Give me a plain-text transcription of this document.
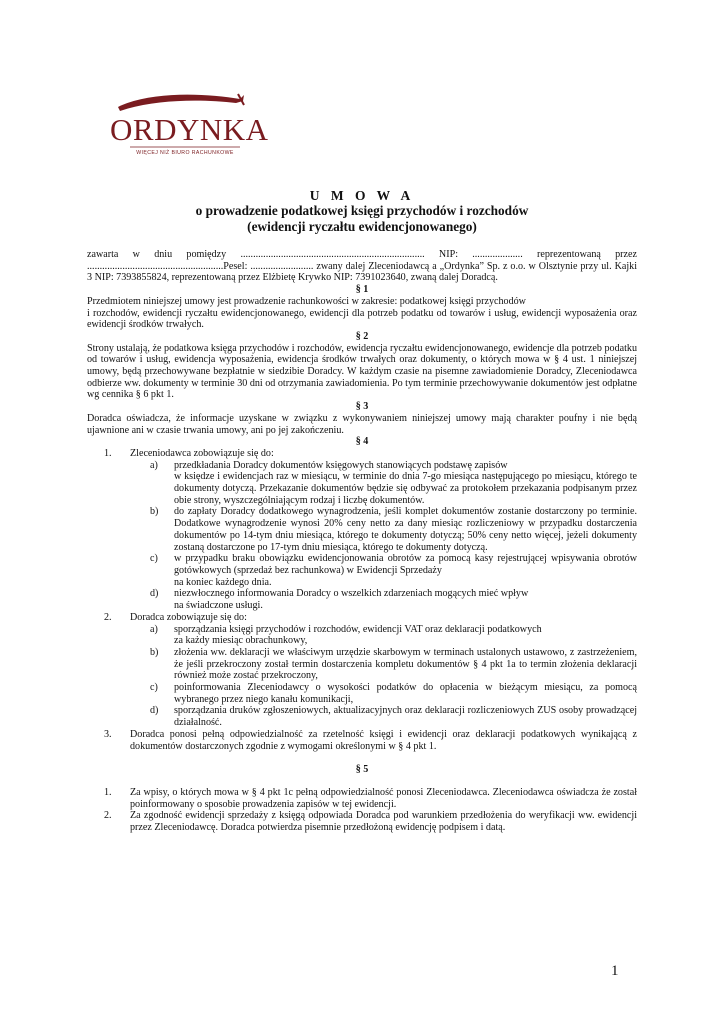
ORDYNKA
WIĘCEJ NIŻ BIURO RACHUNKOWE
U M O W A
o prowadzenie podatkowej księgi przychodów i rozchodów
(ewidencji ryczałtu ewidencjonowanego)

zawarta w dniu pomiędzy ......................................................................... NIP: .................... reprezentowaną przez ......................................................Pesel: ......................... zwany dalej Zleceniodawcą a „Ordynka” Sp. z o.o. w Olsztynie przy ul. Kajki 3 NIP: 7393855824, reprezentowaną przez Elżbietę Krywko NIP: 7391023640, zwaną dalej Doradcą.

§ 1

Przedmiotem niniejszej umowy jest prowadzenie rachunkowości w zakresie: podatkowej księgi przychodów

i rozchodów, ewidencji ryczałtu ewidencjonowanego, ewidencji dla potrzeb podatku od towarów i usług, ewidencji wyposażenia oraz ewidencji środków trwałych.

§ 2

Strony ustalają, że podatkowa księga przychodów i rozchodów, ewidencja ryczałtu ewidencjonowanego, ewidencje dla potrzeb podatku od towarów i usług, ewidencja wyposażenia, ewidencja środków trwałych oraz dokumenty, o których mowa w § 4 ust. 1 niniejszej umowy, będą przechowywane bezpłatnie w siedzibie Doradcy. W każdym czasie na pisemne zawiadomienie Doradcy, Zleceniodawca odbierze ww. dokumenty w terminie 30 dni od otrzymania zawiadomienia. Po tym terminie przechowywanie dokumentów jest odpłatne wg cennika § 6 pkt 1.

§ 3

Doradca oświadcza, że informacje uzyskane w związku z wykonywaniem niniejszej umowy mają charakter poufny i nie będą ujawnione ani w czasie trwania umowy, ani po jej zakończeniu.

§ 4

1. Zleceniodawca zobowiązuje się do:
a) przedkładania Doradcy dokumentów księgowych stanowiących podstawę zapisów
w księdze i ewidencjach raz w miesiącu, w terminie do dnia 7-go miesiąca następującego po miesiącu, którego te dokumenty dotyczą. Przekazanie dokumentów będzie się odbywać za protokołem przekazania podpisanym przez obie strony, wyszczególniającym rodzaj i liczbę dokumentów.
b) do zapłaty Doradcy dodatkowego wynagrodzenia, jeśli komplet dokumentów zostanie dostarczony po terminie. Dodatkowe wynagrodzenie wynosi 20% ceny netto za dany miesiąc rozliczeniowy w przypadku dostarczenia dokumentów po 14-tym dniu miesiąca, którego te dokumenty dotyczą; 50% ceny netto więcej, jeżeli dokumenty zostaną dostarczone po 17-tym dniu miesiąca, którego te dokumenty dotyczą.
c) w przypadku braku obowiązku ewidencjonowania obrotów za pomocą kasy rejestrującej wpisywania obrotów gotówkowych (sprzedaż bez rachunkowa) w Ewidencji Sprzedaży
na koniec każdego dnia.
d) niezwłocznego informowania Doradcy o wszelkich zdarzeniach mogących mieć wpływ
na świadczone usługi.
2. Doradca zobowiązuje się do:
a) sporządzania księgi przychodów i rozchodów, ewidencji VAT oraz deklaracji podatkowych
za każdy miesiąc obrachunkowy,
b) złożenia ww. deklaracji we właściwym urzędzie skarbowym w terminach ustalonych ustawowo, z zastrzeżeniem, że jeśli przekroczony został termin dostarczenia kompletu dokumentów § 4 pkt 1a to termin złożenia deklaracji również może zostać przekroczony,
c) poinformowania Zleceniodawcy o wysokości podatków do opłacenia w bieżącym miesiącu, za pomocą wybranego przez niego kanału komunikacji,
d) sporządzania druków zgłoszeniowych, aktualizacyjnych oraz deklaracji rozliczeniowych ZUS osoby prowadzącej działalność.
3. Doradca ponosi pełną odpowiedzialność za rzetelność księgi i ewidencji oraz deklaracji podatkowych wynikającą z dokumentów dostarczonych zgodnie z wymogami określonymi w § 4 pkt 1.

§ 5

1. Za wpisy, o których mowa w § 4 pkt 1c pełną odpowiedzialność ponosi Zleceniodawca. Zleceniodawca oświadcza że został poinformowany o sposobie prowadzenia zapisów w tej ewidencji.
2. Za zgodność ewidencji sprzedaży z księgą odpowiada Doradca pod warunkiem przedłożenia do weryfikacji ww. ewidencji przez Zleceniodawcę. Doradca potwierdza pisemnie przedłożoną ewidencję podpisem i datą.
1
